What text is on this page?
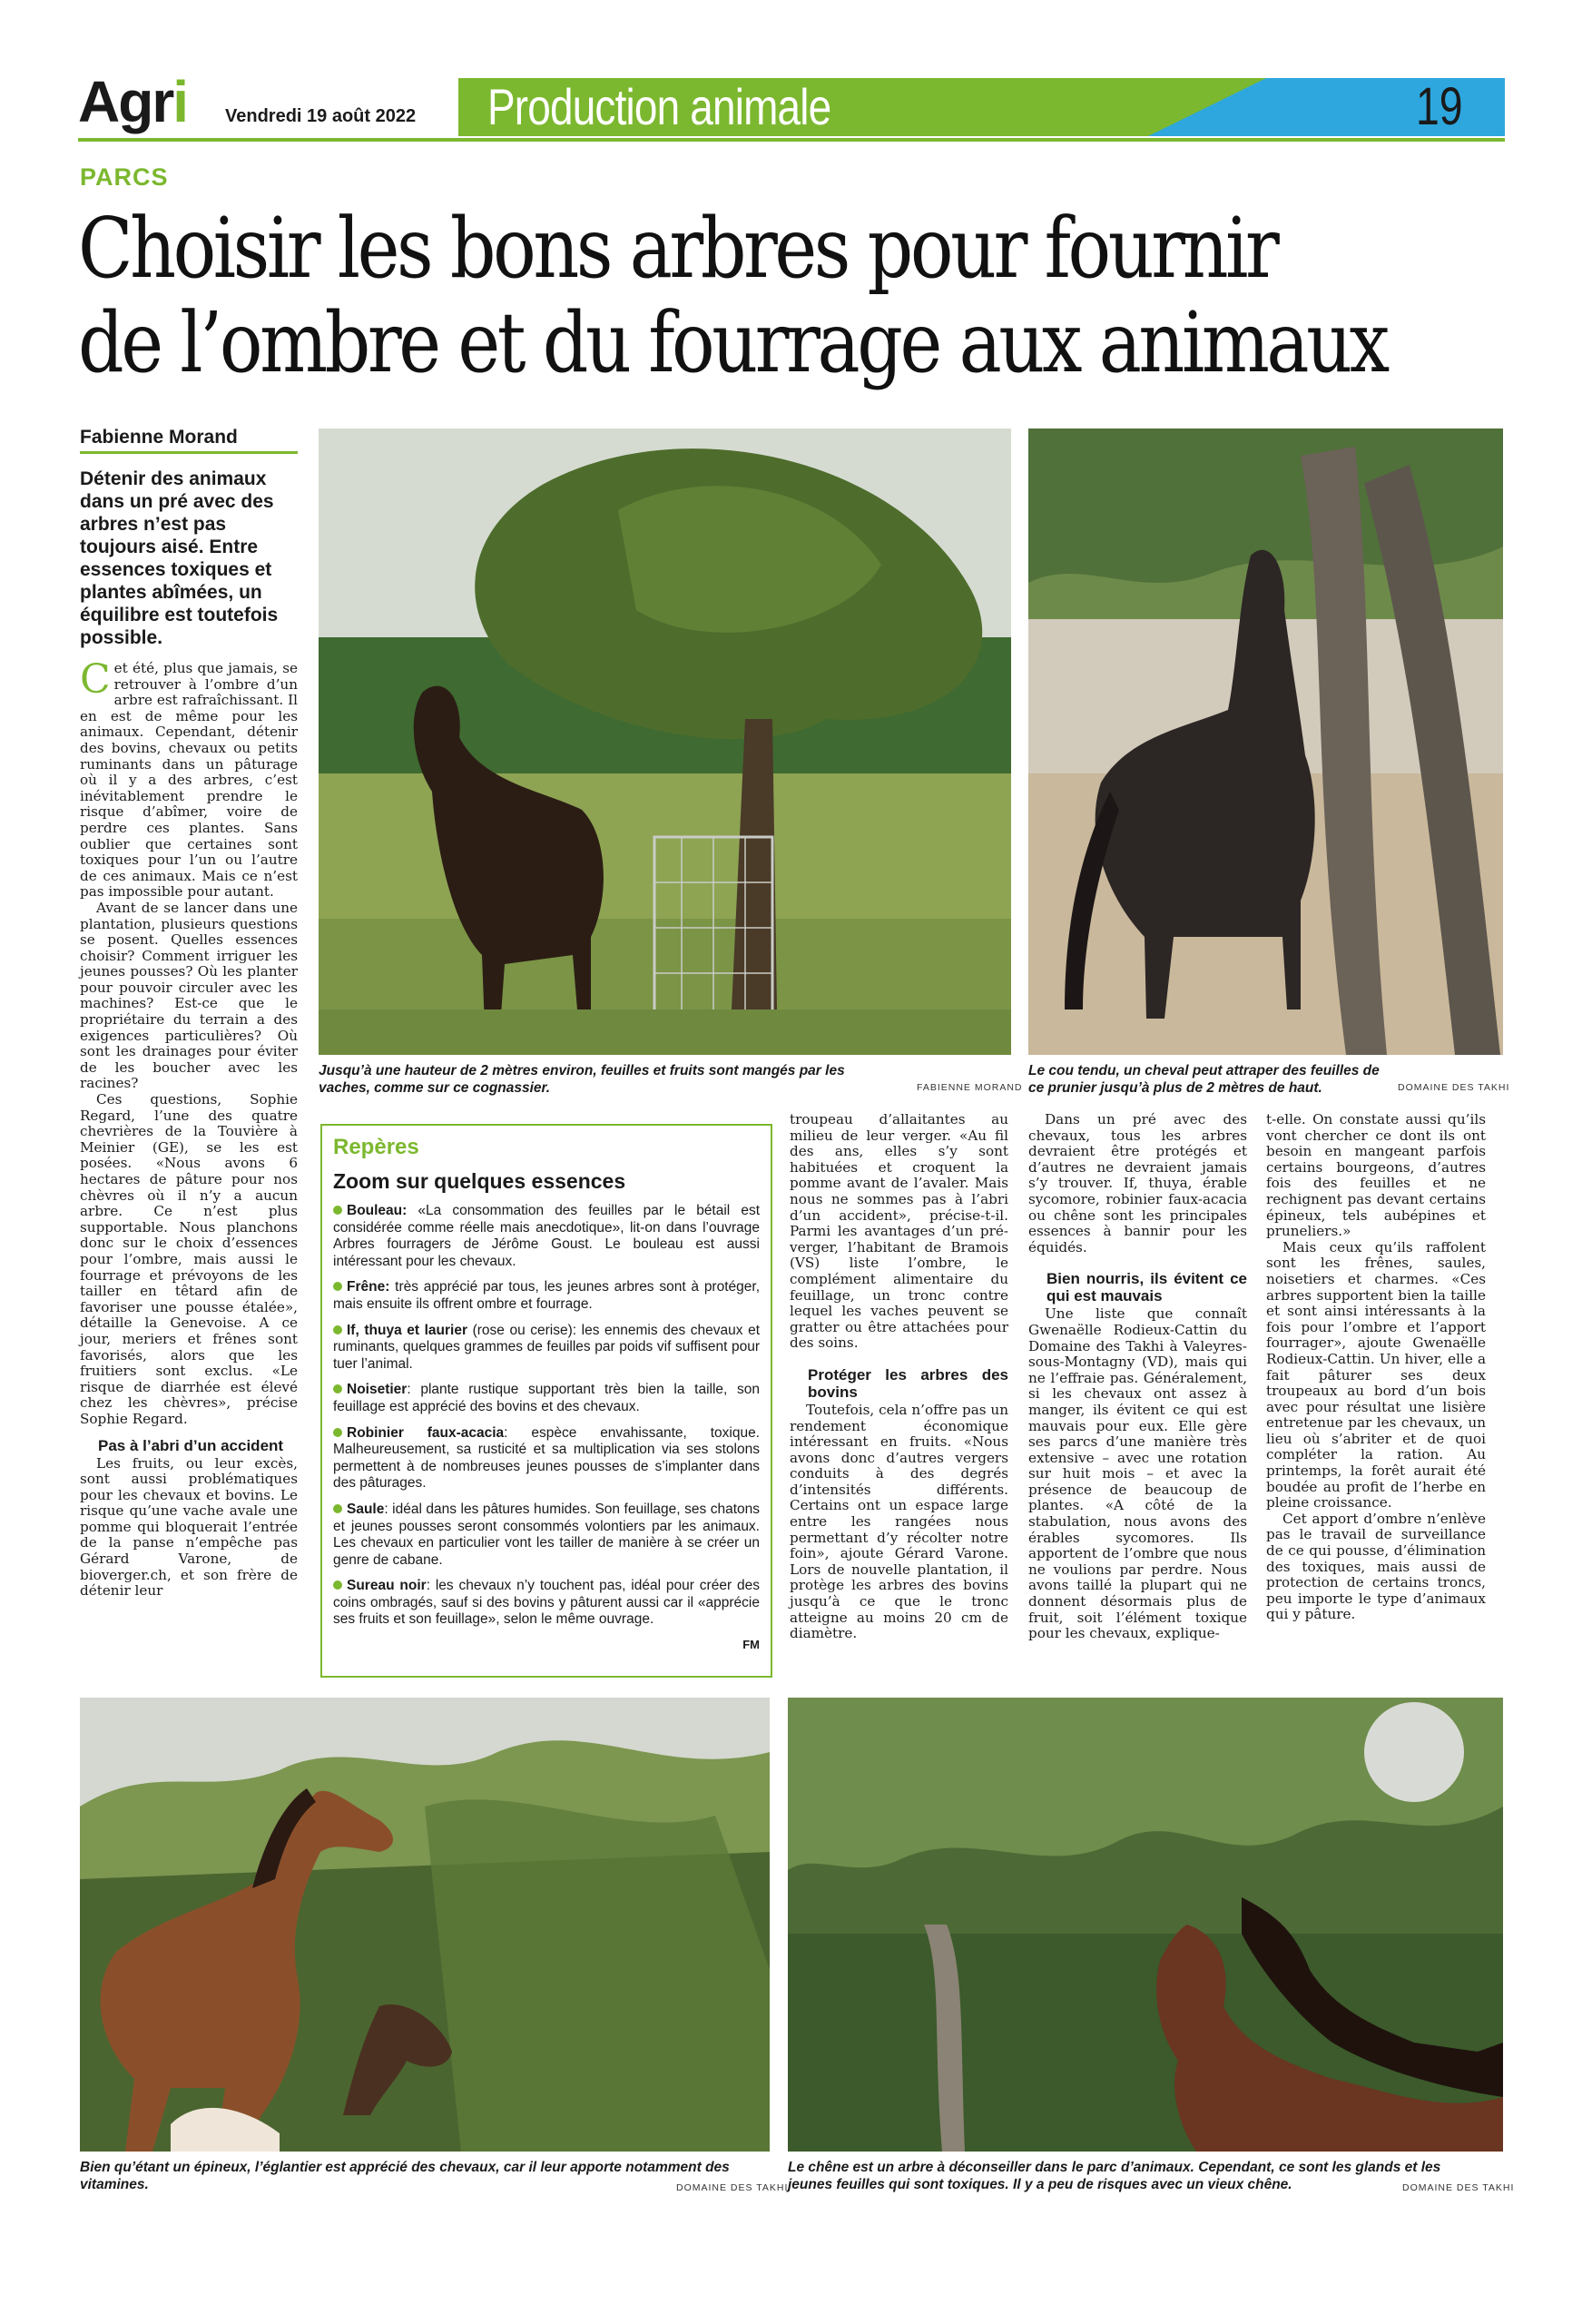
Agri Vendredi 19 août 2022 Production animale	19
PARCS
Choisir les bons arbres pour fournir
de l’ombre et du fourrage aux animaux
Fabienne Morand
Détenir des animaux dans un pré avec des arbres n’est pas toujours aisé. Entre essences toxiques et plantes abîmées, un équilibre est toutefois possible.

Cet été, plus que jamais, se retrouver à l’ombre d’un arbre est rafraîchissant. Il en est de même pour les animaux. Cependant, détenir des bovins, chevaux ou petits ruminants dans un pâturage où il y a des arbres, c’est inévitablement prendre le risque d’abîmer, voire de perdre ces plantes. Sans oublier que certaines sont toxiques pour l’un ou l’autre de ces animaux. Mais ce n’est pas impossible pour autant.

Avant de se lancer dans une plantation, plusieurs questions se posent. Quelles essences choisir? Comment irriguer les jeunes pousses? Où les planter pour pouvoir circuler avec les machines? Est-ce que le propriétaire du terrain a des exigences particulières? Où sont les drainages pour éviter de les boucher avec les racines?

Ces questions, Sophie Regard, l’une des quatre chevrières de la Touvière à Meinier (GE), se les est posées. «Nous avons 6 hectares de pâture pour nos chèvres où il n’y a aucun arbre. Ce n’est plus supportable. Nous planchons donc sur le choix d’essences pour l’ombre, mais aussi le fourrage et prévoyons de les tailler en têtard afin de favoriser une pousse étalée», détaille la Genevoise. A ce jour, meriers et frênes sont favorisés, alors que les fruitiers sont exclus. «Le risque de diarrhée est élevé chez les chèvres», précise Sophie Regard.

Pas à l’abri d’un accident

Les fruits, ou leur excès, sont aussi problématiques pour les chevaux et bovins. Le risque qu’une vache avale une pomme qui bloquerait l’entrée de la panse n’empêche pas Gérard Varone, de bioverger.ch, et son frère de détenir leur

Jusqu’à une hauteur de 2 mètres environ, feuilles et fruits sont mangés par les vaches, comme sur ce cognassier.	FABIENNE MORAND
Le cou tendu, un cheval peut attraper des feuilles de ce prunier jusqu’à plus de 2 mètres de haut.	DOMAINE DES TAKHI
Repères
Zoom sur quelques essences
Bouleau: «La consommation des feuilles par le bétail est considérée comme réelle mais anecdotique», lit-on dans l’ouvrage Arbres fourragers de Jérôme Goust. Le bouleau est aussi intéressant pour les chevaux.
Frêne: très apprécié par tous, les jeunes arbres sont à protéger, mais ensuite ils offrent ombre et fourrage.
If, thuya et laurier (rose ou cerise): les ennemis des chevaux et ruminants, quelques grammes de feuilles par poids vif suffisent pour tuer l’animal.
Noisetier: plante rustique supportant très bien la taille, son feuillage est apprécié des bovins et des chevaux.
Robinier faux-acacia: espèce envahissante, toxique. Malheureusement, sa rusticité et sa multiplication via ses stolons permettent à de nombreuses jeunes pousses de s’implanter dans des pâturages.
Saule: idéal dans les pâtures humides. Son feuillage, ses chatons et jeunes pousses seront consommés volontiers par les animaux. Les chevaux en particulier vont les tailler de manière à se créer un genre de cabane.
Sureau noir: les chevaux n’y touchent pas, idéal pour créer des coins ombragés, sauf si des bovins y pâturent aussi car il «apprécie ses fruits et son feuillage», selon le même ouvrage.
FM

troupeau d’allaitantes au milieu de leur verger. «Au fil des ans, elles s’y sont habituées et croquent la pomme avant de l’avaler. Mais nous ne sommes pas à l’abri d’un accident», précise-t-il. Parmi les avantages d’un pré-verger, l’habitant de Bramois (VS) liste l’ombre, le complément alimentaire du feuillage, un tronc contre lequel les vaches peuvent se gratter ou être attachées pour des soins.

Protéger les arbres des bovins

Toutefois, cela n’offre pas un rendement économique intéressant en fruits. «Nous avons donc d’autres vergers conduits à des degrés d’intensités différents. Certains ont un espace large entre les rangées nous permettant d’y récolter notre foin», ajoute Gérard Varone. Lors de nouvelle plantation, il protège les arbres des bovins jusqu’à ce que le tronc atteigne au moins 20 cm de diamètre.

Dans un pré avec des chevaux, tous les arbres devraient être protégés et d’autres ne devraient jamais s’y trouver. If, thuya, érable sycomore, robinier faux-acacia ou chêne sont les principales essences à bannir pour les équidés.

Bien nourris, ils évitent ce qui est mauvais

Une liste que connaît Gwenaëlle Rodieux-Cattin du Domaine des Takhi à Valeyres-sous-Montagny (VD), mais qui ne l’effraie pas. Généralement, si les chevaux ont assez à manger, ils évitent ce qui est mauvais pour eux. Elle gère ses parcs d’une manière très extensive – avec une rotation sur huit mois – et avec la présence de beaucoup de plantes. «A côté de la stabulation, nous avons des érables sycomores. Ils apportent de l’ombre que nous ne voulions par perdre. Nous avons taillé la plupart qui ne donnent désormais plus de fruit, soit l’élément toxique pour les chevaux, explique-

t-elle. On constate aussi qu’ils vont chercher ce dont ils ont besoin en mangeant parfois certains bourgeons, d’autres fois des feuilles et ne rechignent pas devant certains épineux, tels aubépines et pruneliers.»

Mais ceux qu’ils raffolent sont les frênes, saules, noisetiers et charmes. «Ces arbres supportent bien la taille et sont ainsi intéressants à la fois pour l’ombre et l’apport fourrager», ajoute Gwenaëlle Rodieux-Cattin. Un hiver, elle a fait pâturer ses deux troupeaux au bord d’un bois avec pour résultat une lisière entretenue par les chevaux, un lieu où s’abriter et de quoi compléter la ration. Au printemps, la forêt aurait été boudée au profit de l’herbe en pleine croissance.

Cet apport d’ombre n’enlève pas le travail de surveillance de ce qui pousse, d’élimination des toxiques, mais aussi de protection de certains troncs, peu importe le type d’animaux qui y pâture.

Bien qu’étant un épineux, l’églantier est apprécié des chevaux, car il leur apporte notamment des vitamines.	DOMAINE DES TAKHI
Le chêne est un arbre à déconseiller dans le parc d’animaux. Cependant, ce sont les glands et les jeunes feuilles qui sont toxiques. Il y a peu de risques avec un vieux chêne.	DOMAINE DES TAKHI
